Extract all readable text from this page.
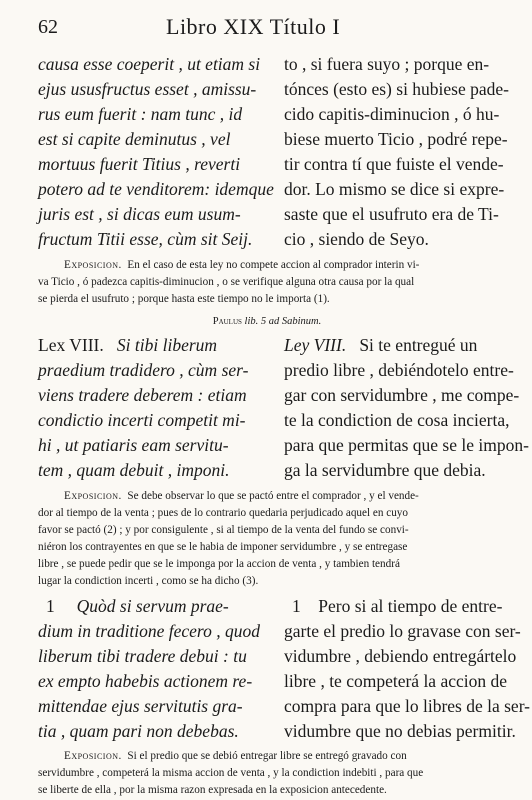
62	Libro XIX Título I
causa esse coeperit , ut etiam si
ejus ususfructus esset , amissu-
rus eum fuerit : nam tunc , id
est si capite deminutus , vel
mortuus fuerit Titius , reverti
potero ad te venditorem: idemque
juris est , si dicas eum usum-
fructum Titii esse, cùm sit Seij.
to , si fuera suyo ; porque en-
tónces (esto es) si hubiese pade-
cido capitis-diminucion , ó hu-
biese muerto Ticio , podré repe-
tir contra tí que fuiste el vende-
dor. Lo mismo se dice si expre-
saste que el usufruto era de Ti-
cio , siendo de Seyo.
Exposicion. En el caso de esta ley no compete accion al comprador interin vi-
va Ticio , ó padezca capitis-diminucion , o se verifique alguna otra causa por la qual
se pierda el usufruto ; porque hasta este tiempo no le importa (1).
Paulus lib. 5 ad Sabinum.
Lex VIII. Si tibi liberum
praedium tradidero , cùm ser-
viens tradere deberem : etiam
condictio incerti competit mi-
hi , ut patiaris eam servitu-
tem , quam debuit , imponi.
Ley VIII. Si te entregué un
predio libre , debiéndotelo entre-
gar con servidumbre , me compe-
te la condiction de cosa incierta,
para que permitas que se le impon-
ga la servidumbre que debia.
Exposicion. Se debe observar lo que se pactó entre el comprador , y el vende-
dor al tiempo de la venta ; pues de lo contrario quedaria perjudicado aquel en cuyo
favor se pactó (2) ; y por consigulente , si al tiempo de la venta del fundo se convi-
niéron los contrayentes en que se le habia de imponer servidumbre , y se entregase
libre , se puede pedir que se le imponga por la accion de venta , y tambien tendrá
lugar la condiction incerti , como se ha dicho (3).
1 Quòd si servum prae-
dium in traditione fecero , quod
liberum tibi tradere debui : tu
ex empto habebis actionem re-
mittendae ejus servitutis gra-
tia , quam pari non debebas.
1 Pero si al tiempo de entre-
garte el predio lo gravase con ser-
vidumbre , debiendo entregártelo
libre , te competerá la accion de
compra para que lo libres de la ser-
vidumbre que no debias permitir.
Exposicion. Si el predio que se debió entregar libre se entregó gravado con
servidumbre , competerá la misma accion de venta , y la condiction indebiti , para que
se liberte de ella , por la misma razon expresada en la exposicion antecedente.
